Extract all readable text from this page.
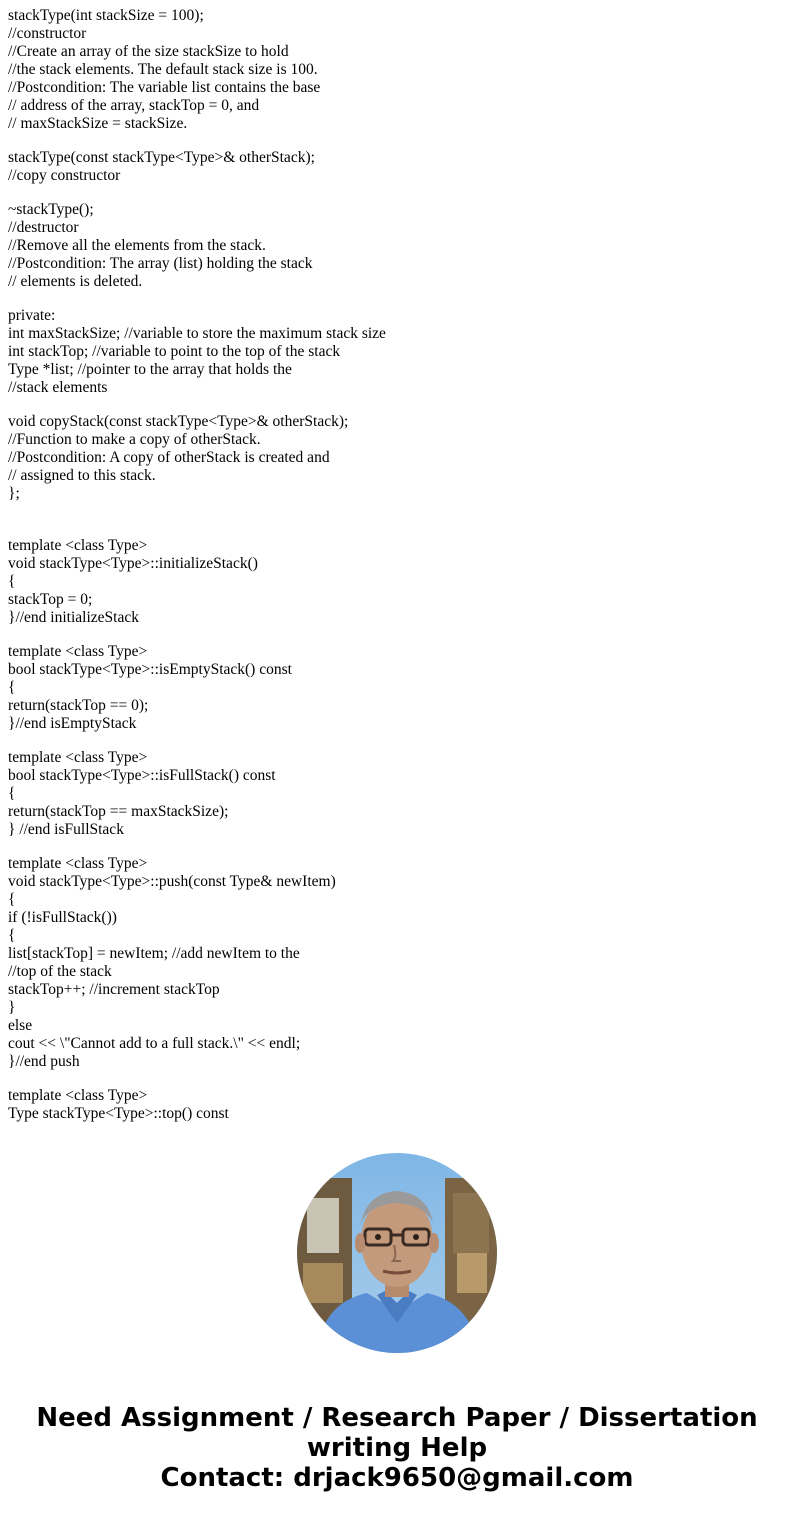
stackType(int stackSize = 100);
//constructor
//Create an array of the size stackSize to hold
//the stack elements. The default stack size is 100.
//Postcondition: The variable list contains the base
// address of the array, stackTop = 0, and
// maxStackSize = stackSize.
stackType(const stackType<Type>& otherStack);
//copy constructor
~stackType();
//destructor
//Remove all the elements from the stack.
//Postcondition: The array (list) holding the stack
// elements is deleted.
private:
int maxStackSize; //variable to store the maximum stack size
int stackTop; //variable to point to the top of the stack
Type *list; //pointer to the array that holds the
//stack elements
void copyStack(const stackType<Type>& otherStack);
//Function to make a copy of otherStack.
//Postcondition: A copy of otherStack is created and
// assigned to this stack.
};
template <class Type>
void stackType<Type>::initializeStack()
{
stackTop = 0;
}//end initializeStack
template <class Type>
bool stackType<Type>::isEmptyStack() const
{
return(stackTop == 0);
}//end isEmptyStack
template <class Type>
bool stackType<Type>::isFullStack() const
{
return(stackTop == maxStackSize);
} //end isFullStack
template <class Type>
void stackType<Type>::push(const Type& newItem)
{
if (!isFullStack())
{
list[stackTop] = newItem; //add newItem to the
//top of the stack
stackTop++; //increment stackTop
}
else
cout << \"Cannot add to a full stack.\" << endl;
}//end push
template <class Type>
Type stackType<Type>::top() const
Need Assignment / Research Paper / Dissertation
writing Help
Contact: drjack9650@gmail.com
